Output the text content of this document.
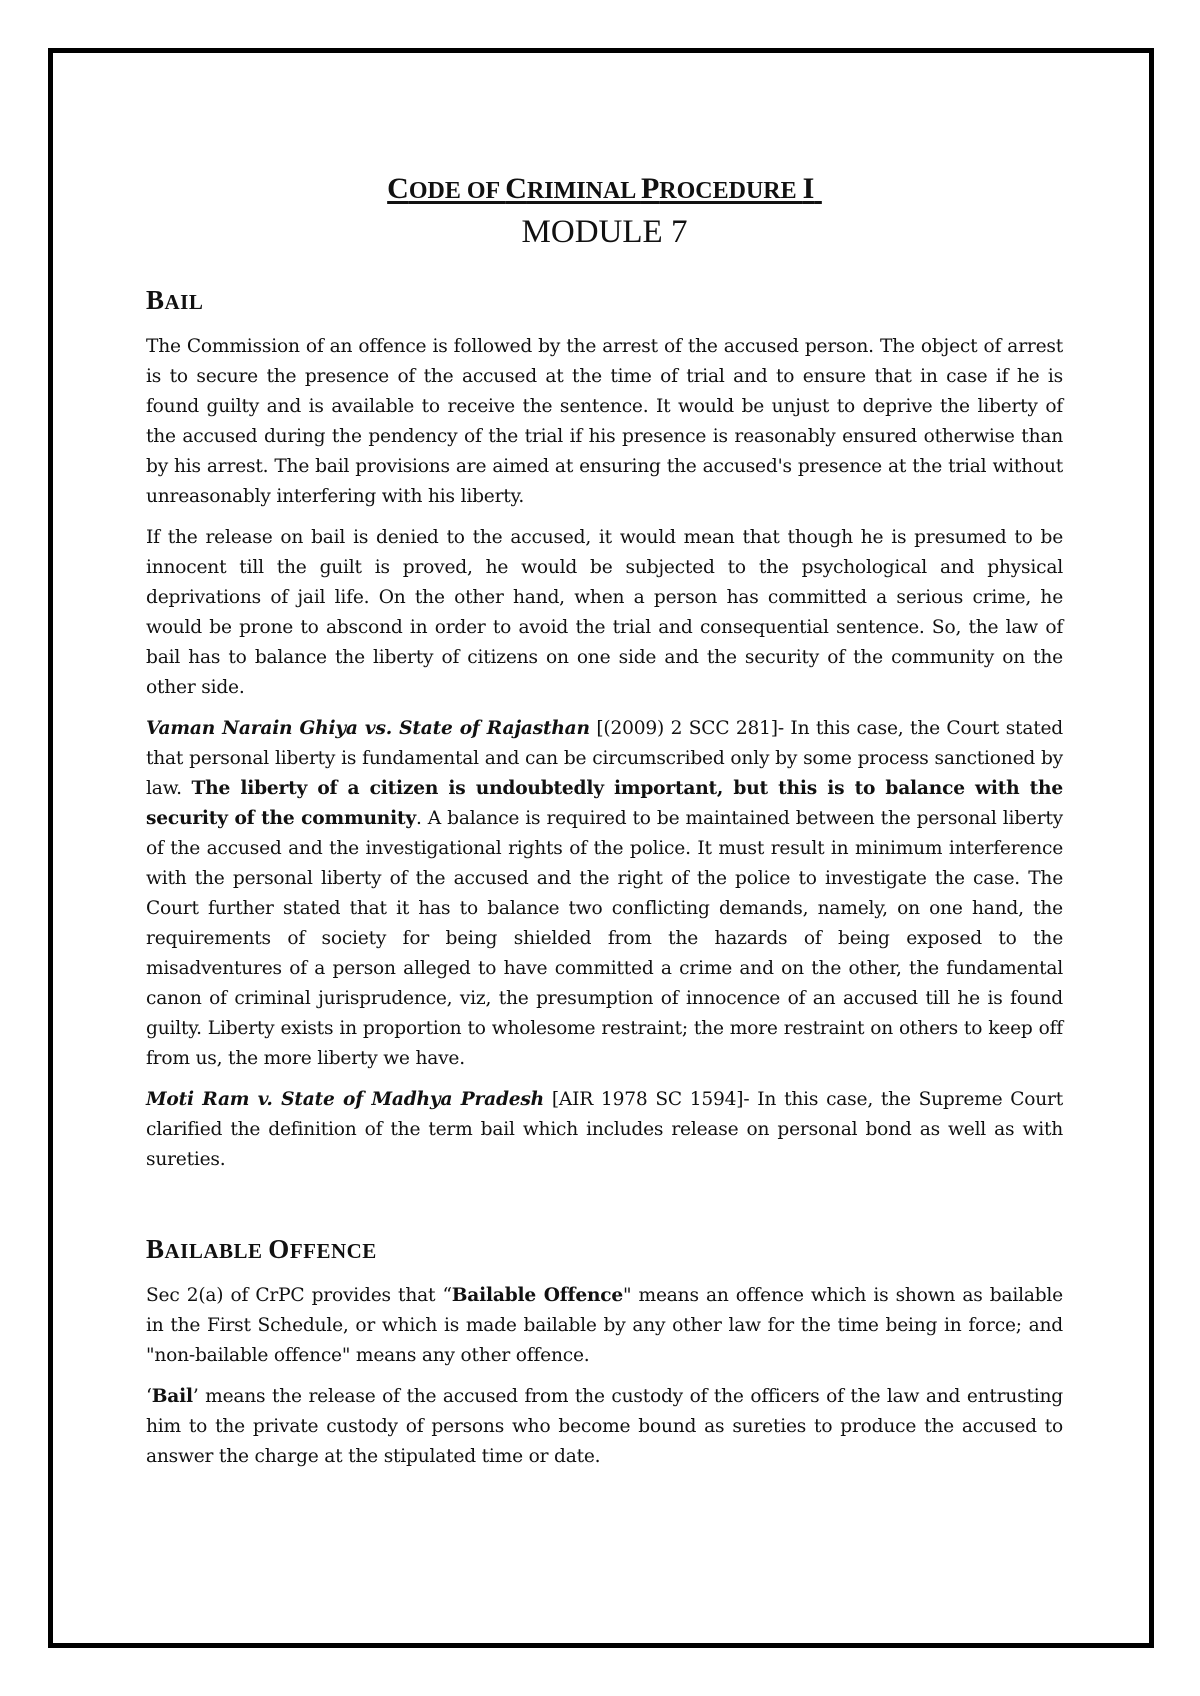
CODE OF CRIMINAL PROCEDURE I
MODULE 7
BAIL

The Commission of an offence is followed by the arrest of the accused person. The object of arrest is to secure the presence of the accused at the time of trial and to ensure that in case if he is found guilty and is available to receive the sentence. It would be unjust to deprive the liberty of the accused during the pendency of the trial if his presence is reasonably ensured otherwise than by his arrest. The bail provisions are aimed at ensuring the accused's presence at the trial without unreasonably interfering with his liberty.

If the release on bail is denied to the accused, it would mean that though he is presumed to be innocent till the guilt is proved, he would be subjected to the psychological and physical deprivations of jail life. On the other hand, when a person has committed a serious crime, he would be prone to abscond in order to avoid the trial and consequential sentence. So, the law of bail has to balance the liberty of citizens on one side and the security of the community on the other side.

Vaman Narain Ghiya vs. State of Rajasthan [(2009) 2 SCC 281]- In this case, the Court stated that personal liberty is fundamental and can be circumscribed only by some process sanctioned by law. The liberty of a citizen is undoubtedly important, but this is to balance with the security of the community. A balance is required to be maintained between the personal liberty of the accused and the investigational rights of the police. It must result in minimum interference with the personal liberty of the accused and the right of the police to investigate the case. The Court further stated that it has to balance two conflicting demands, namely, on one hand, the requirements of society for being shielded from the hazards of being exposed to the misadventures of a person alleged to have committed a crime and on the other, the fundamental canon of criminal jurisprudence, viz, the presumption of innocence of an accused till he is found guilty. Liberty exists in proportion to wholesome restraint; the more restraint on others to keep off from us, the more liberty we have.

Moti Ram v. State of Madhya Pradesh [AIR 1978 SC 1594]- In this case, the Supreme Court clarified the definition of the term bail which includes release on personal bond as well as with sureties.

BAILABLE OFFENCE

Sec 2(a) of CrPC provides that “Bailable Offence" means an offence which is shown as bailable in the First Schedule, or which is made bailable by any other law for the time being in force; and "non-bailable offence" means any other offence.

‘Bail’ means the release of the accused from the custody of the officers of the law and entrusting him to the private custody of persons who become bound as sureties to produce the accused to answer the charge at the stipulated time or date.
